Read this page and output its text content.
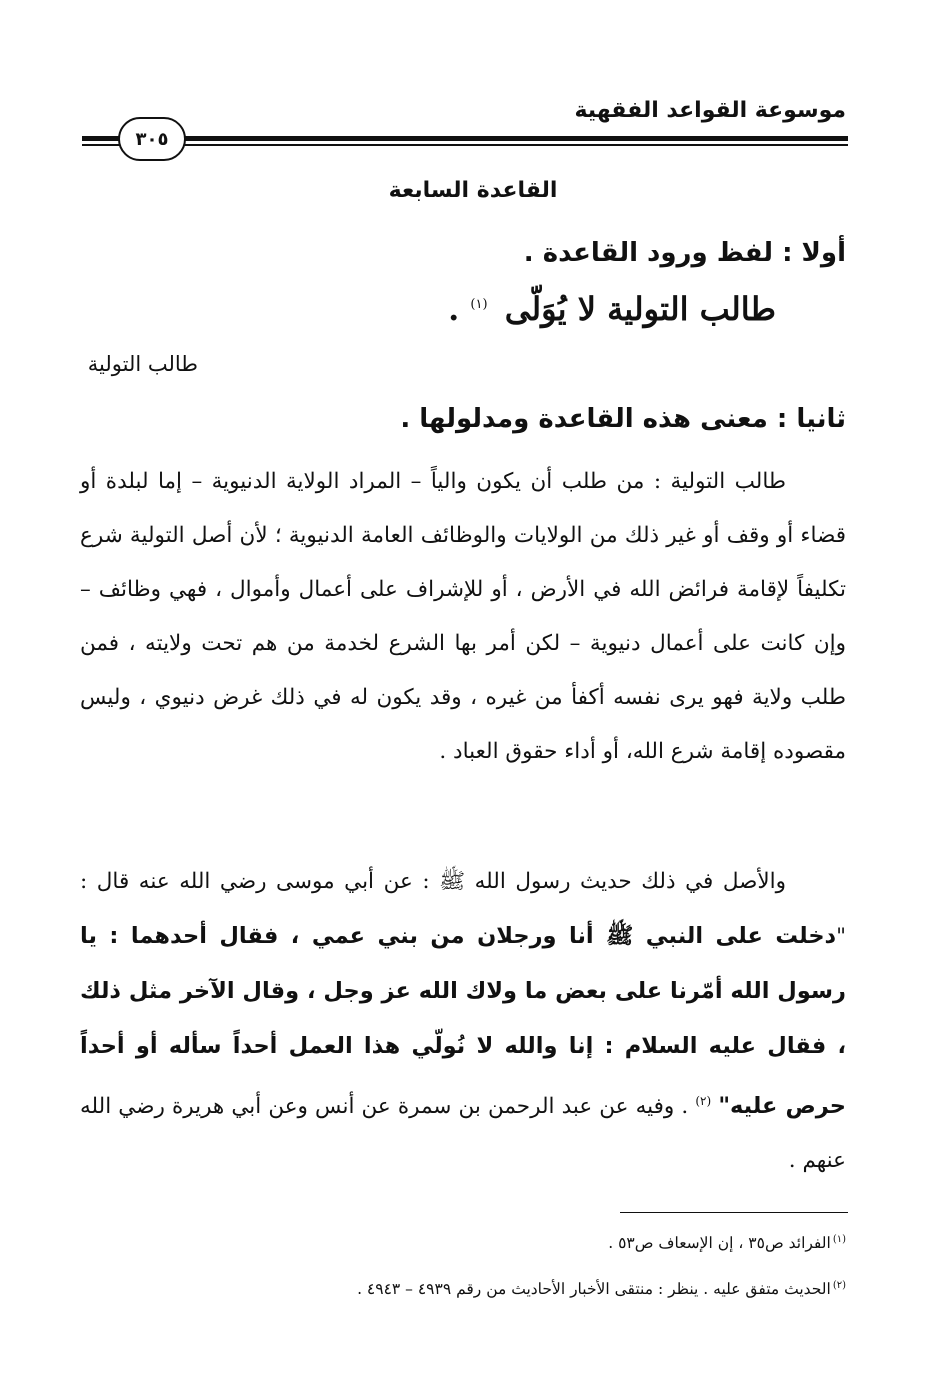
موسوعة القواعد الفقهية
٣٠٥
القاعدة السابعة
أولا : لفظ ورود القاعدة .
طالب التولية لا يُوَلّى $^{(١)}$ .
طالب التولية
ثانيا : معنى هذه القاعدة ومدلولها .

طالب التولية : من طلب أن يكون والياً – المراد الولاية الدنيوية – إما لبلدة أو قضاء أو وقف أو غير ذلك من الولايات والوظائف العامة الدنيوية ؛ لأن أصل التولية شرع تكليفاً لإقامة فرائض الله في الأرض ، أو للإشراف على أعمال وأموال ، فهي وظائف – وإن كانت على أعمال دنيوية – لكن أمر بها الشرع لخدمة من هم تحت ولايته ، فمن طلب ولاية فهو يرى نفسه أكفأ من غيره ، وقد يكون له في ذلك غرض دنيوي ، وليس مقصوده إقامة شرع الله، أو أداء حقوق العباد .

والأصل في ذلك حديث رسول الله ﷺ : عن أبي موسى رضي الله عنه قال : "دخلت على النبي ﷺ أنا ورجلان من بني عمي ، فقال أحدهما : يا رسول الله أمّرنا على بعض ما ولاك الله عز وجل ، وقال الآخر مثل ذلك ، فقال عليه السلام : إنا والله لا نُولّي هذا العمل أحداً سأله أو أحداً حرص عليه" $^{(٢)}$ . وفيه عن عبد الرحمن بن سمرة عن أنس وعن أبي هريرة رضي الله عنهم .

$^{(١)}$الفرائد ص٣٥ ، إن الإسعاف ص٥٣ .
$^{(٢)}$الحديث متفق عليه . ينظر : منتقى الأخبار الأحاديث من رقم ٤٩٣٩ – ٤٩٤٣ .
